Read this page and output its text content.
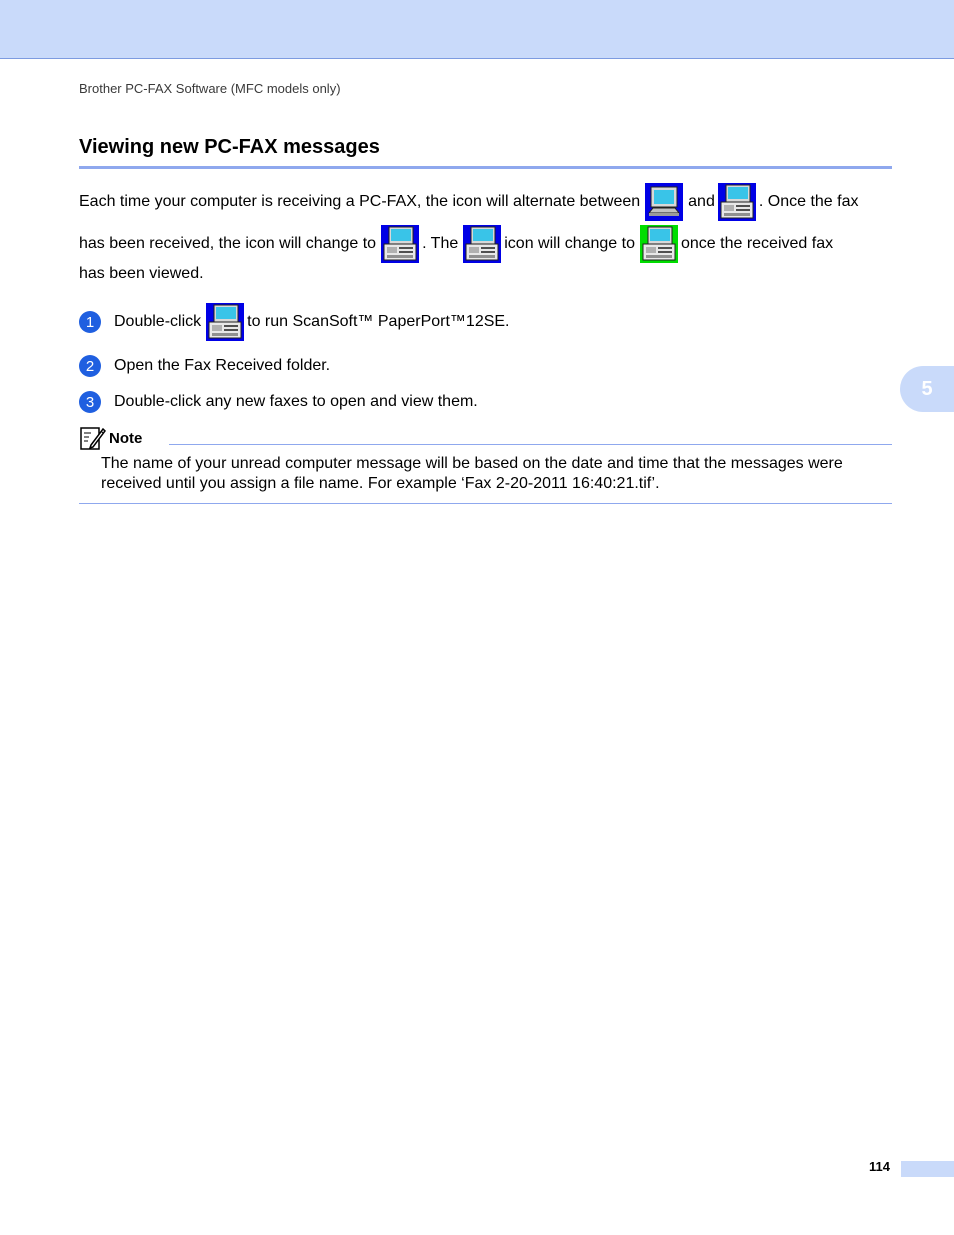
Brother PC-FAX Software (MFC models only)
Viewing new PC-FAX messages
Each time your computer is receiving a PC-FAX, the icon will alternate between	and	. Once the fax
has been received, the icon will change to	. The	icon will change to	once the received fax
has been viewed.
1	Double-click	to run ScanSoft™ PaperPort™12SE.
2	Open the Fax Received folder.
3	Double-click any new faxes to open and view them.
Note
The name of your unread computer message will be based on the date and time that the messages were received until you assign a file name. For example ‘Fax 2-20-2011 16:40:21.tif’.
5
114
